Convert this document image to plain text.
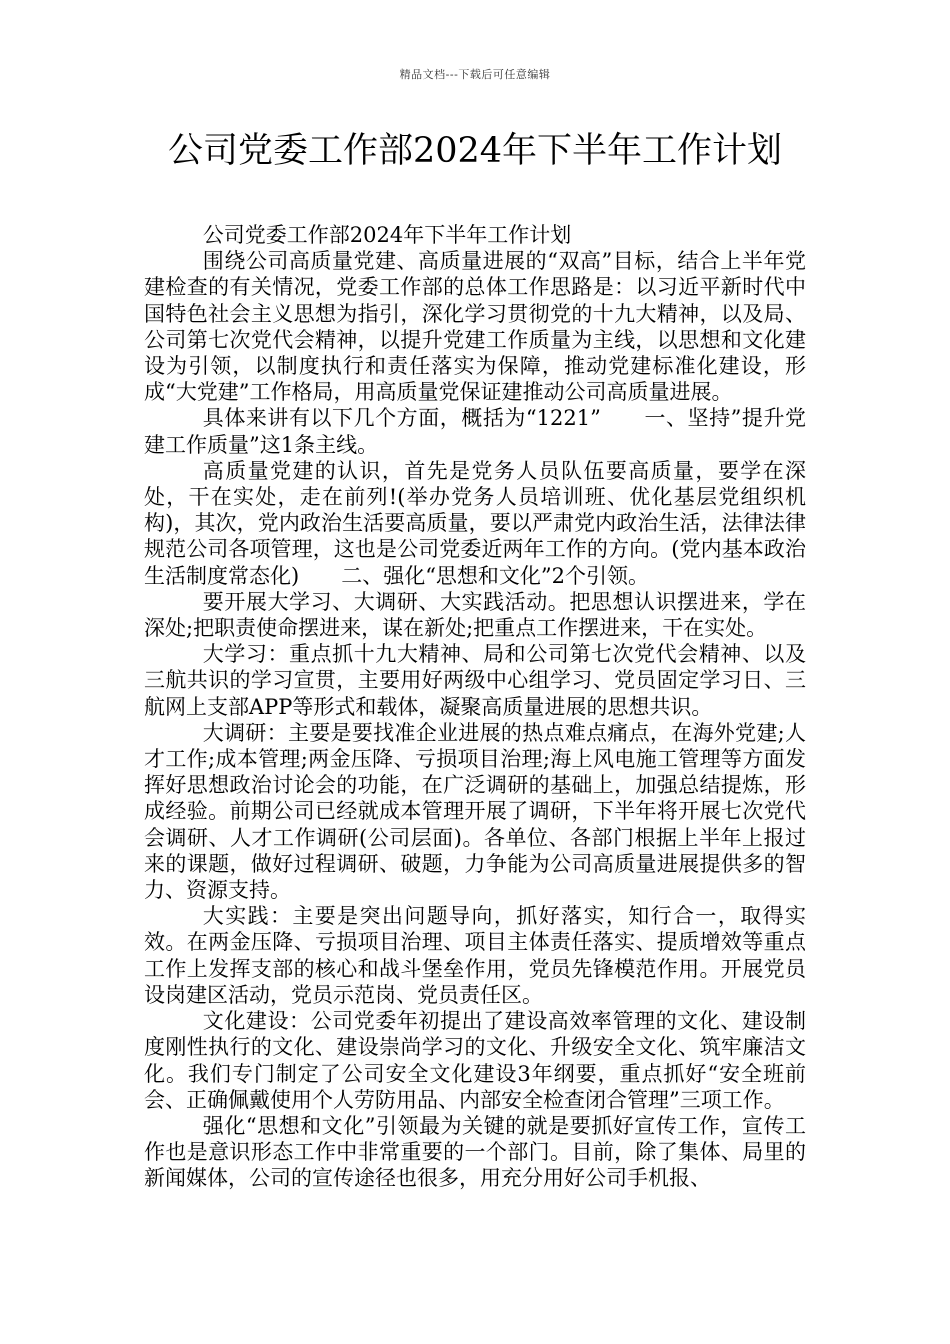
精品文档---下载后可任意编辑
公司党委工作部2024年下半年工作计划

公司党委工作部2024年下半年工作计划

围绕公司高质量党建、高质量进展的“双高”目标，结合上半年党建检查的有关情况，党委工作部的总体工作思路是：以习近平新时代中国特色社会主义思想为指引，深化学习贯彻党的十九大精神，以及局、公司第七次党代会精神，以提升党建工作质量为主线，以思想和文化建设为引领，以制度执行和责任落实为保障，推动党建标准化建设，形成“大党建”工作格局，用高质量党保证建推动公司高质量进展。

具体来讲有以下几个方面，概括为“1221”　　一、坚持”提升党建工作质量”这1条主线。

高质量党建的认识，首先是党务人员队伍要高质量，要学在深处，干在实处，走在前列!(举办党务人员培训班、优化基层党组织机构)，其次，党内政治生活要高质量，要以严肃党内政治生活，法律法律规范公司各项管理，这也是公司党委近两年工作的方向。(党内基本政治生活制度常态化)　　二、强化“思想和文化”2个引领。

要开展大学习、大调研、大实践活动。把思想认识摆进来，学在深处;把职责使命摆进来，谋在新处;把重点工作摆进来，干在实处。

大学习：重点抓十九大精神、局和公司第七次党代会精神、以及三航共识的学习宣贯，主要用好两级中心组学习、党员固定学习日、三航网上支部APP等形式和载体，凝聚高质量进展的思想共识。

大调研：主要是要找准企业进展的热点难点痛点，在海外党建;人才工作;成本管理;两金压降、亏损项目治理;海上风电施工管理等方面发挥好思想政治讨论会的功能，在广泛调研的基础上，加强总结提炼，形成经验。前期公司已经就成本管理开展了调研，下半年将开展七次党代会调研、人才工作调研(公司层面)。各单位、各部门根据上半年上报过来的课题，做好过程调研、破题，力争能为公司高质量进展提供多的智力、资源支持。

大实践：主要是突出问题导向，抓好落实，知行合一，取得实效。在两金压降、亏损项目治理、项目主体责任落实、提质增效等重点工作上发挥支部的核心和战斗堡垒作用，党员先锋模范作用。开展党员设岗建区活动，党员示范岗、党员责任区。

文化建设：公司党委年初提出了建设高效率管理的文化、建设制度刚性执行的文化、建设崇尚学习的文化、升级安全文化、筑牢廉洁文化。我们专门制定了公司安全文化建设3年纲要，重点抓好“安全班前会、正确佩戴使用个人劳防用品、内部安全检查闭合管理”三项工作。

强化“思想和文化”引领最为关键的就是要抓好宣传工作，宣传工作也是意识形态工作中非常重要的一个部门。目前，除了集体、局里的新闻媒体，公司的宣传途径也很多，用充分用好公司手机报、
